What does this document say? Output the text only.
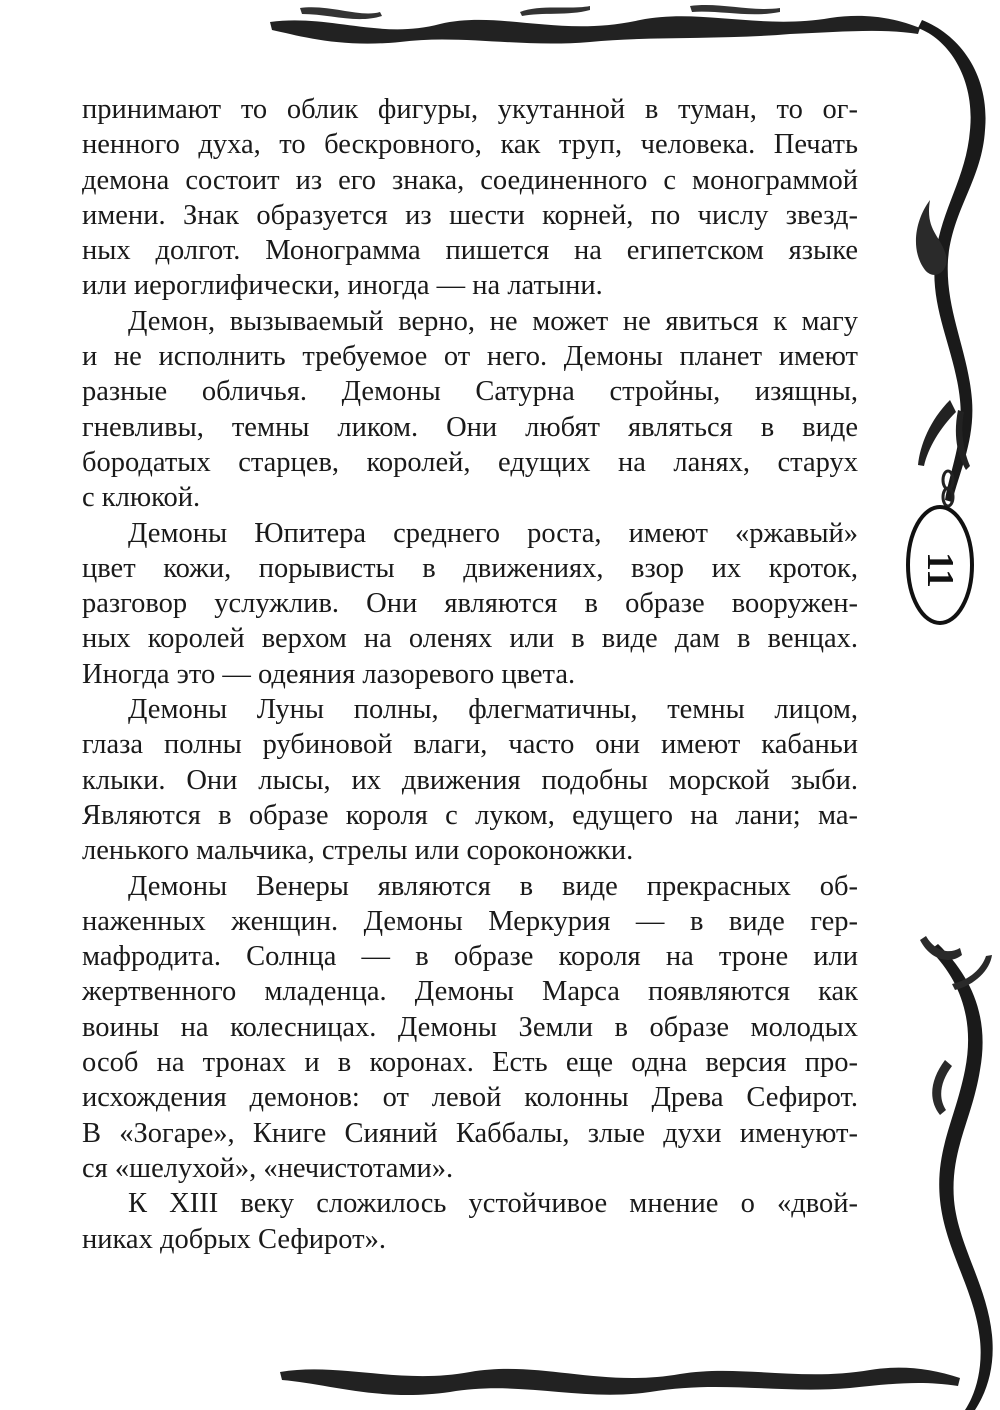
принимают то облик фигуры, укутанной в туман, то ог-
ненного духа, то бескровного, как труп, человека. Печать
демона состоит из его знака, соединенного с монограммой
имени. Знак образуется из шести корней, по числу звезд-
ных долгот. Монограмма пишется на египетском языке
или иероглифически, иногда — на латыни.
Демон, вызываемый верно, не может не явиться к магу
и не исполнить требуемое от него. Демоны планет имеют
разные обличья. Демоны Сатурна стройны, изящны,
гневливы, темны ликом. Они любят являться в виде
бородатых старцев, королей, едущих на ланях, старух
с клюкой.
Демоны Юпитера среднего роста, имеют «ржавый»
цвет кожи, порывисты в движениях, взор их кроток,
разговор услужлив. Они являются в образе вооружен-
ных королей верхом на оленях или в виде дам в венцах.
Иногда это — одеяния лазоревого цвета.
Демоны Луны полны, флегматичны, темны лицом,
глаза полны рубиновой влаги, часто они имеют кабаньи
клыки. Они лысы, их движения подобны морской зыби.
Являются в образе короля с луком, едущего на лани; ма-
ленького мальчика, стрелы или сороконожки.
Демоны Венеры являются в виде прекрасных об-
наженных женщин. Демоны Меркурия — в виде гер-
мафродита. Солнца — в образе короля на троне или
жертвенного младенца. Демоны Марса появляются как
воины на колесницах. Демоны Земли в образе молодых
особ на тронах и в коронах. Есть еще одна версия про-
исхождения демонов: от левой колонны Древа Сефирот.
В «Зогаре», Книге Сияний Каббалы, злые духи именуют-
ся «шелухой», «нечистотами».
К XIII веку сложилось устойчивое мнение о «двой-
никах добрых Сефирот».
11
